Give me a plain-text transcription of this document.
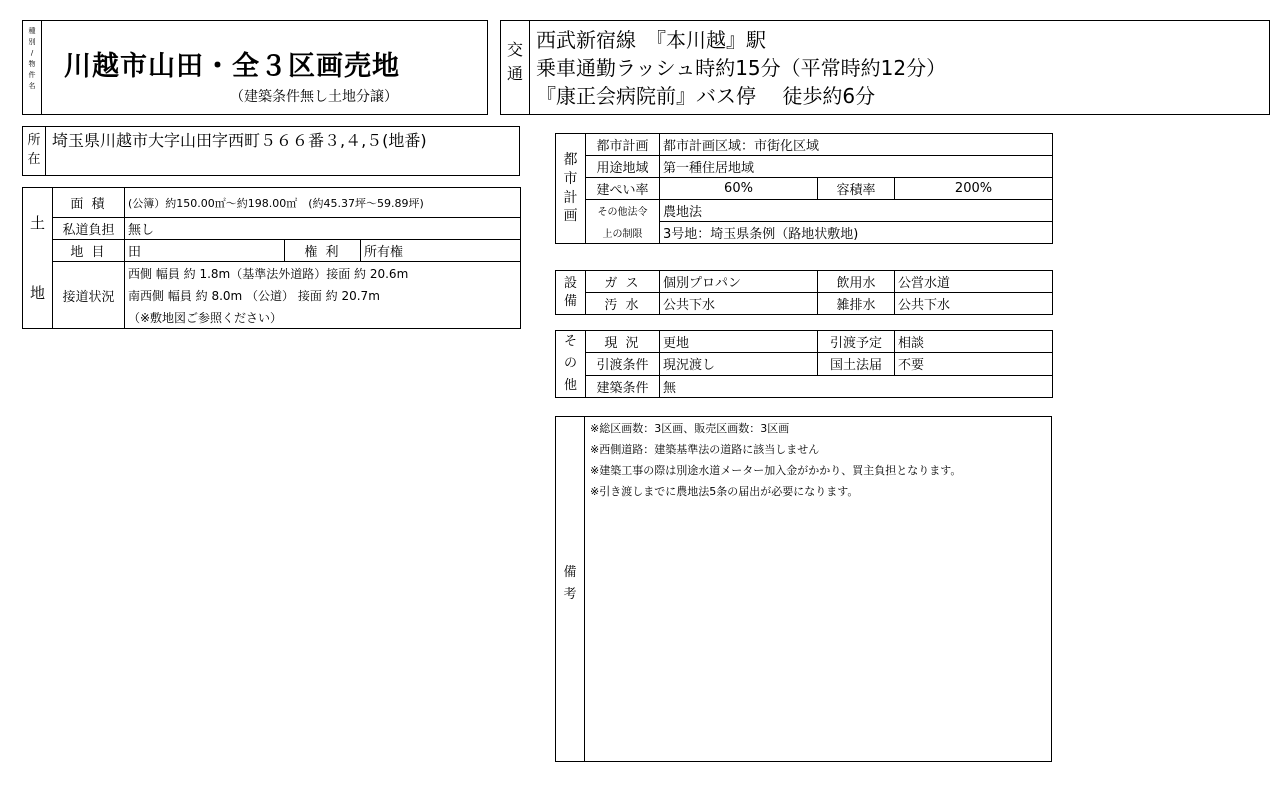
種
別
/
物
件
名
川越市山田・全３区画売地
（建築条件無し土地分譲）
交
通
西武新宿線　『本川越』駅
乗車通勤ラッシュ時約15分（平常時約12分）
『康正会病院前』バス停　 徒歩約6分
所
在
埼玉県川越市大字山田字西町５６６番３,４,５(地番)
土
地	面 積	(公簿）約150.00㎡～約198.00㎡　(約45.37坪～59.89坪)		
	私道負担	無し		
	地 目	田	権 利	所有権
	接道状況	西側 幅員 約 1.8m（基準法外道路）接面 約 20.6m		
		南西側 幅員 約 8.0m （公道） 接面 約 20.7m		
		（※敷地図ご参照ください）		
都
市
計
画	都市計画	都市計画区域：市街化区域		
	用途地域	第一種住居地域		
	建ぺい率	60%	容積率	200%
	その他法令	農地法		
	上の制限	3号地：埼玉県条例（路地状敷地)		
設
備	ガ ス	個別プロパン	飲用水	公営水道
	汚 水	公共下水	雑排水	公共下水
そ
の
他	現 況	更地	引渡予定	相談
	引渡条件	現況渡し	国土法届	不要
	建築条件	無		
備
考
※総区画数：3区画、販売区画数：3区画
※西側道路：建築基準法の道路に該当しません
※建築工事の際は別途水道メーター加入金がかかり、買主負担となります。
※引き渡しまでに農地法5条の届出が必要になります。
